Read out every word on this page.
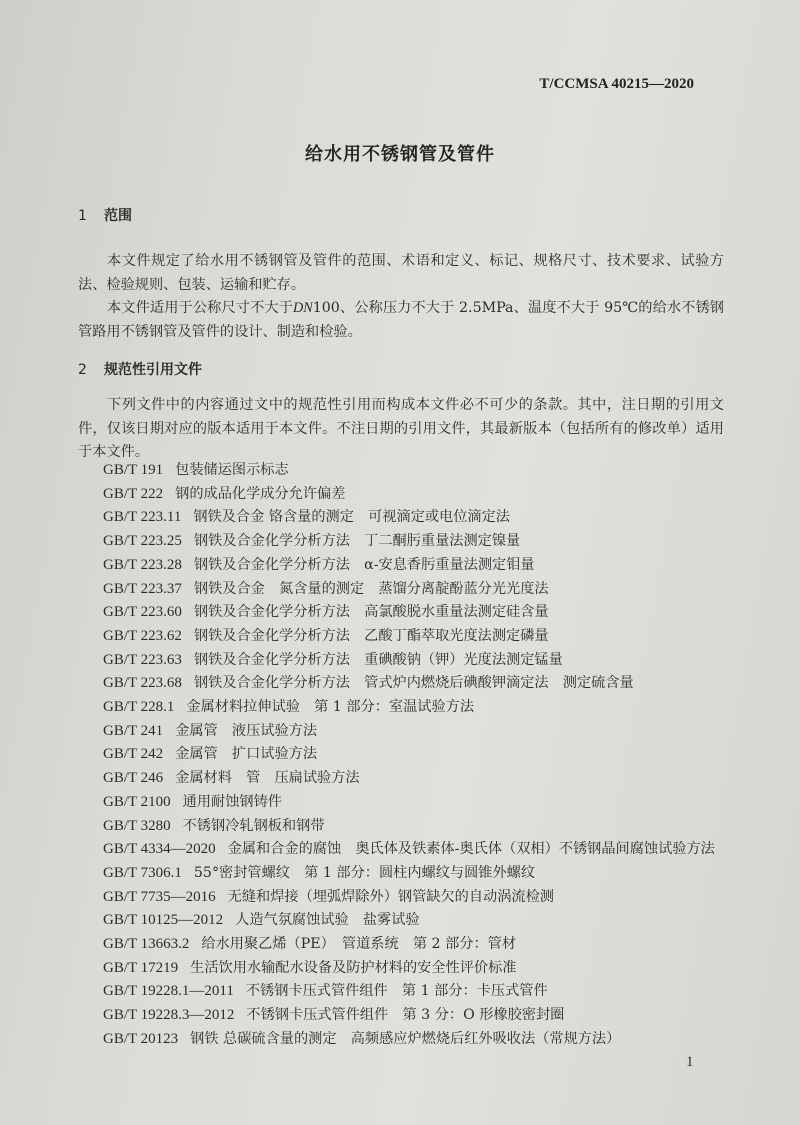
T/CCMSA 40215—2020
给水用不锈钢管及管件
1 范围
本文件规定了给水用不锈钢管及管件的范围、术语和定义、标记、规格尺寸、技术要求、试验方法、检验规则、包装、运输和贮存。
本文件适用于公称尺寸不大于DN100、公称压力不大于 2.5MPa、温度不大于 95℃的给水不锈钢管路用不锈钢管及管件的设计、制造和检验。
2 规范性引用文件
下列文件中的内容通过文中的规范性引用而构成本文件必不可少的条款。其中，注日期的引用文件，仅该日期对应的版本适用于本文件。不注日期的引用文件，其最新版本（包括所有的修改单）适用于本文件。
GB/T 191 包装储运图示标志
GB/T 222 钢的成品化学成分允许偏差
GB/T 223.11 钢铁及合金 铬含量的测定　可视滴定或电位滴定法
GB/T 223.25 钢铁及合金化学分析方法　丁二酮肟重量法测定镍量
GB/T 223.28 钢铁及合金化学分析方法　α-安息香肟重量法测定钼量
GB/T 223.37 钢铁及合金　氮含量的测定　蒸馏分离靛酚蓝分光光度法
GB/T 223.60 钢铁及合金化学分析方法　高氯酸脱水重量法测定硅含量
GB/T 223.62 钢铁及合金化学分析方法　乙酸丁酯萃取光度法测定磷量
GB/T 223.63 钢铁及合金化学分析方法　重碘酸钠（钾）光度法测定锰量
GB/T 223.68 钢铁及合金化学分析方法　管式炉内燃烧后碘酸钾滴定法　测定硫含量
GB/T 228.1 金属材料拉伸试验　第 1 部分：室温试验方法
GB/T 241 金属管　液压试验方法
GB/T 242 金属管　扩口试验方法
GB/T 246 金属材料　管　压扁试验方法
GB/T 2100 通用耐蚀钢铸件
GB/T 3280 不锈钢冷轧钢板和钢带
GB/T 4334—2020 金属和合金的腐蚀　奥氏体及铁素体-奥氏体（双相）不锈钢晶间腐蚀试验方法
GB/T 7306.1 55°密封管螺纹　第 1 部分：圆柱内螺纹与圆锥外螺纹
GB/T 7735—2016 无缝和焊接（埋弧焊除外）钢管缺欠的自动涡流检测
GB/T 10125—2012 人造气氛腐蚀试验　盐雾试验
GB/T 13663.2 给水用聚乙烯（PE）　管道系统　第 2 部分：管材
GB/T 17219 生活饮用水输配水设备及防护材料的安全性评价标准
GB/T 19228.1—2011 不锈钢卡压式管件组件　第 1 部分：卡压式管件
GB/T 19228.3—2012 不锈钢卡压式管件组件　第 3 分：O 形橡胶密封圈
GB/T 20123 钢铁 总碳硫含量的测定　高频感应炉燃烧后红外吸收法（常规方法）
1
